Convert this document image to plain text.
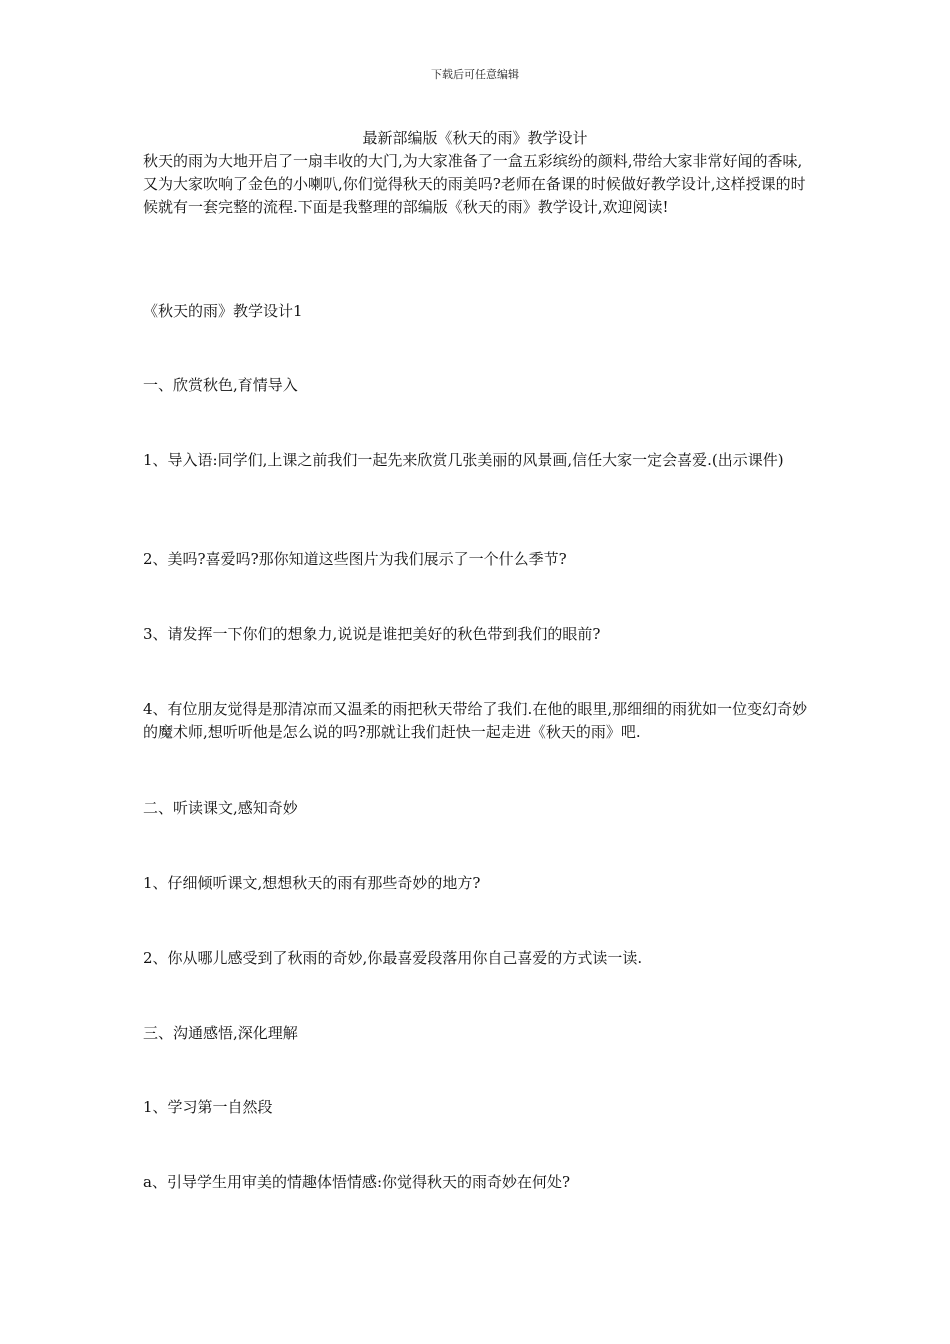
下载后可任意编辑
最新部编版《秋天的雨》教学设计
秋天的雨为大地开启了一扇丰收的大门,为大家准备了一盒五彩缤纷的颜料,带给大家非常好闻的香味,又为大家吹响了金色的小喇叭,你们觉得秋天的雨美吗?老师在备课的时候做好教学设计,这样授课的时候就有一套完整的流程.下面是我整理的部编版《秋天的雨》教学设计,欢迎阅读!
《秋天的雨》教学设计1
一、欣赏秋色,育情导入
1、导入语:同学们,上课之前我们一起先来欣赏几张美丽的风景画,信任大家一定会喜爱.(出示课件)
2、美吗?喜爱吗?那你知道这些图片为我们展示了一个什么季节?
3、请发挥一下你们的想象力,说说是谁把美好的秋色带到我们的眼前?
4、有位朋友觉得是那清凉而又温柔的雨把秋天带给了我们.在他的眼里,那细细的雨犹如一位变幻奇妙的魔术师,想听听他是怎么说的吗?那就让我们赶快一起走进《秋天的雨》吧.
二、听读课文,感知奇妙
1、仔细倾听课文,想想秋天的雨有那些奇妙的地方?
2、你从哪儿感受到了秋雨的奇妙,你最喜爱段落用你自己喜爱的方式读一读.
三、沟通感悟,深化理解
1、学习第一自然段
a、引导学生用审美的情趣体悟情感:你觉得秋天的雨奇妙在何处?
